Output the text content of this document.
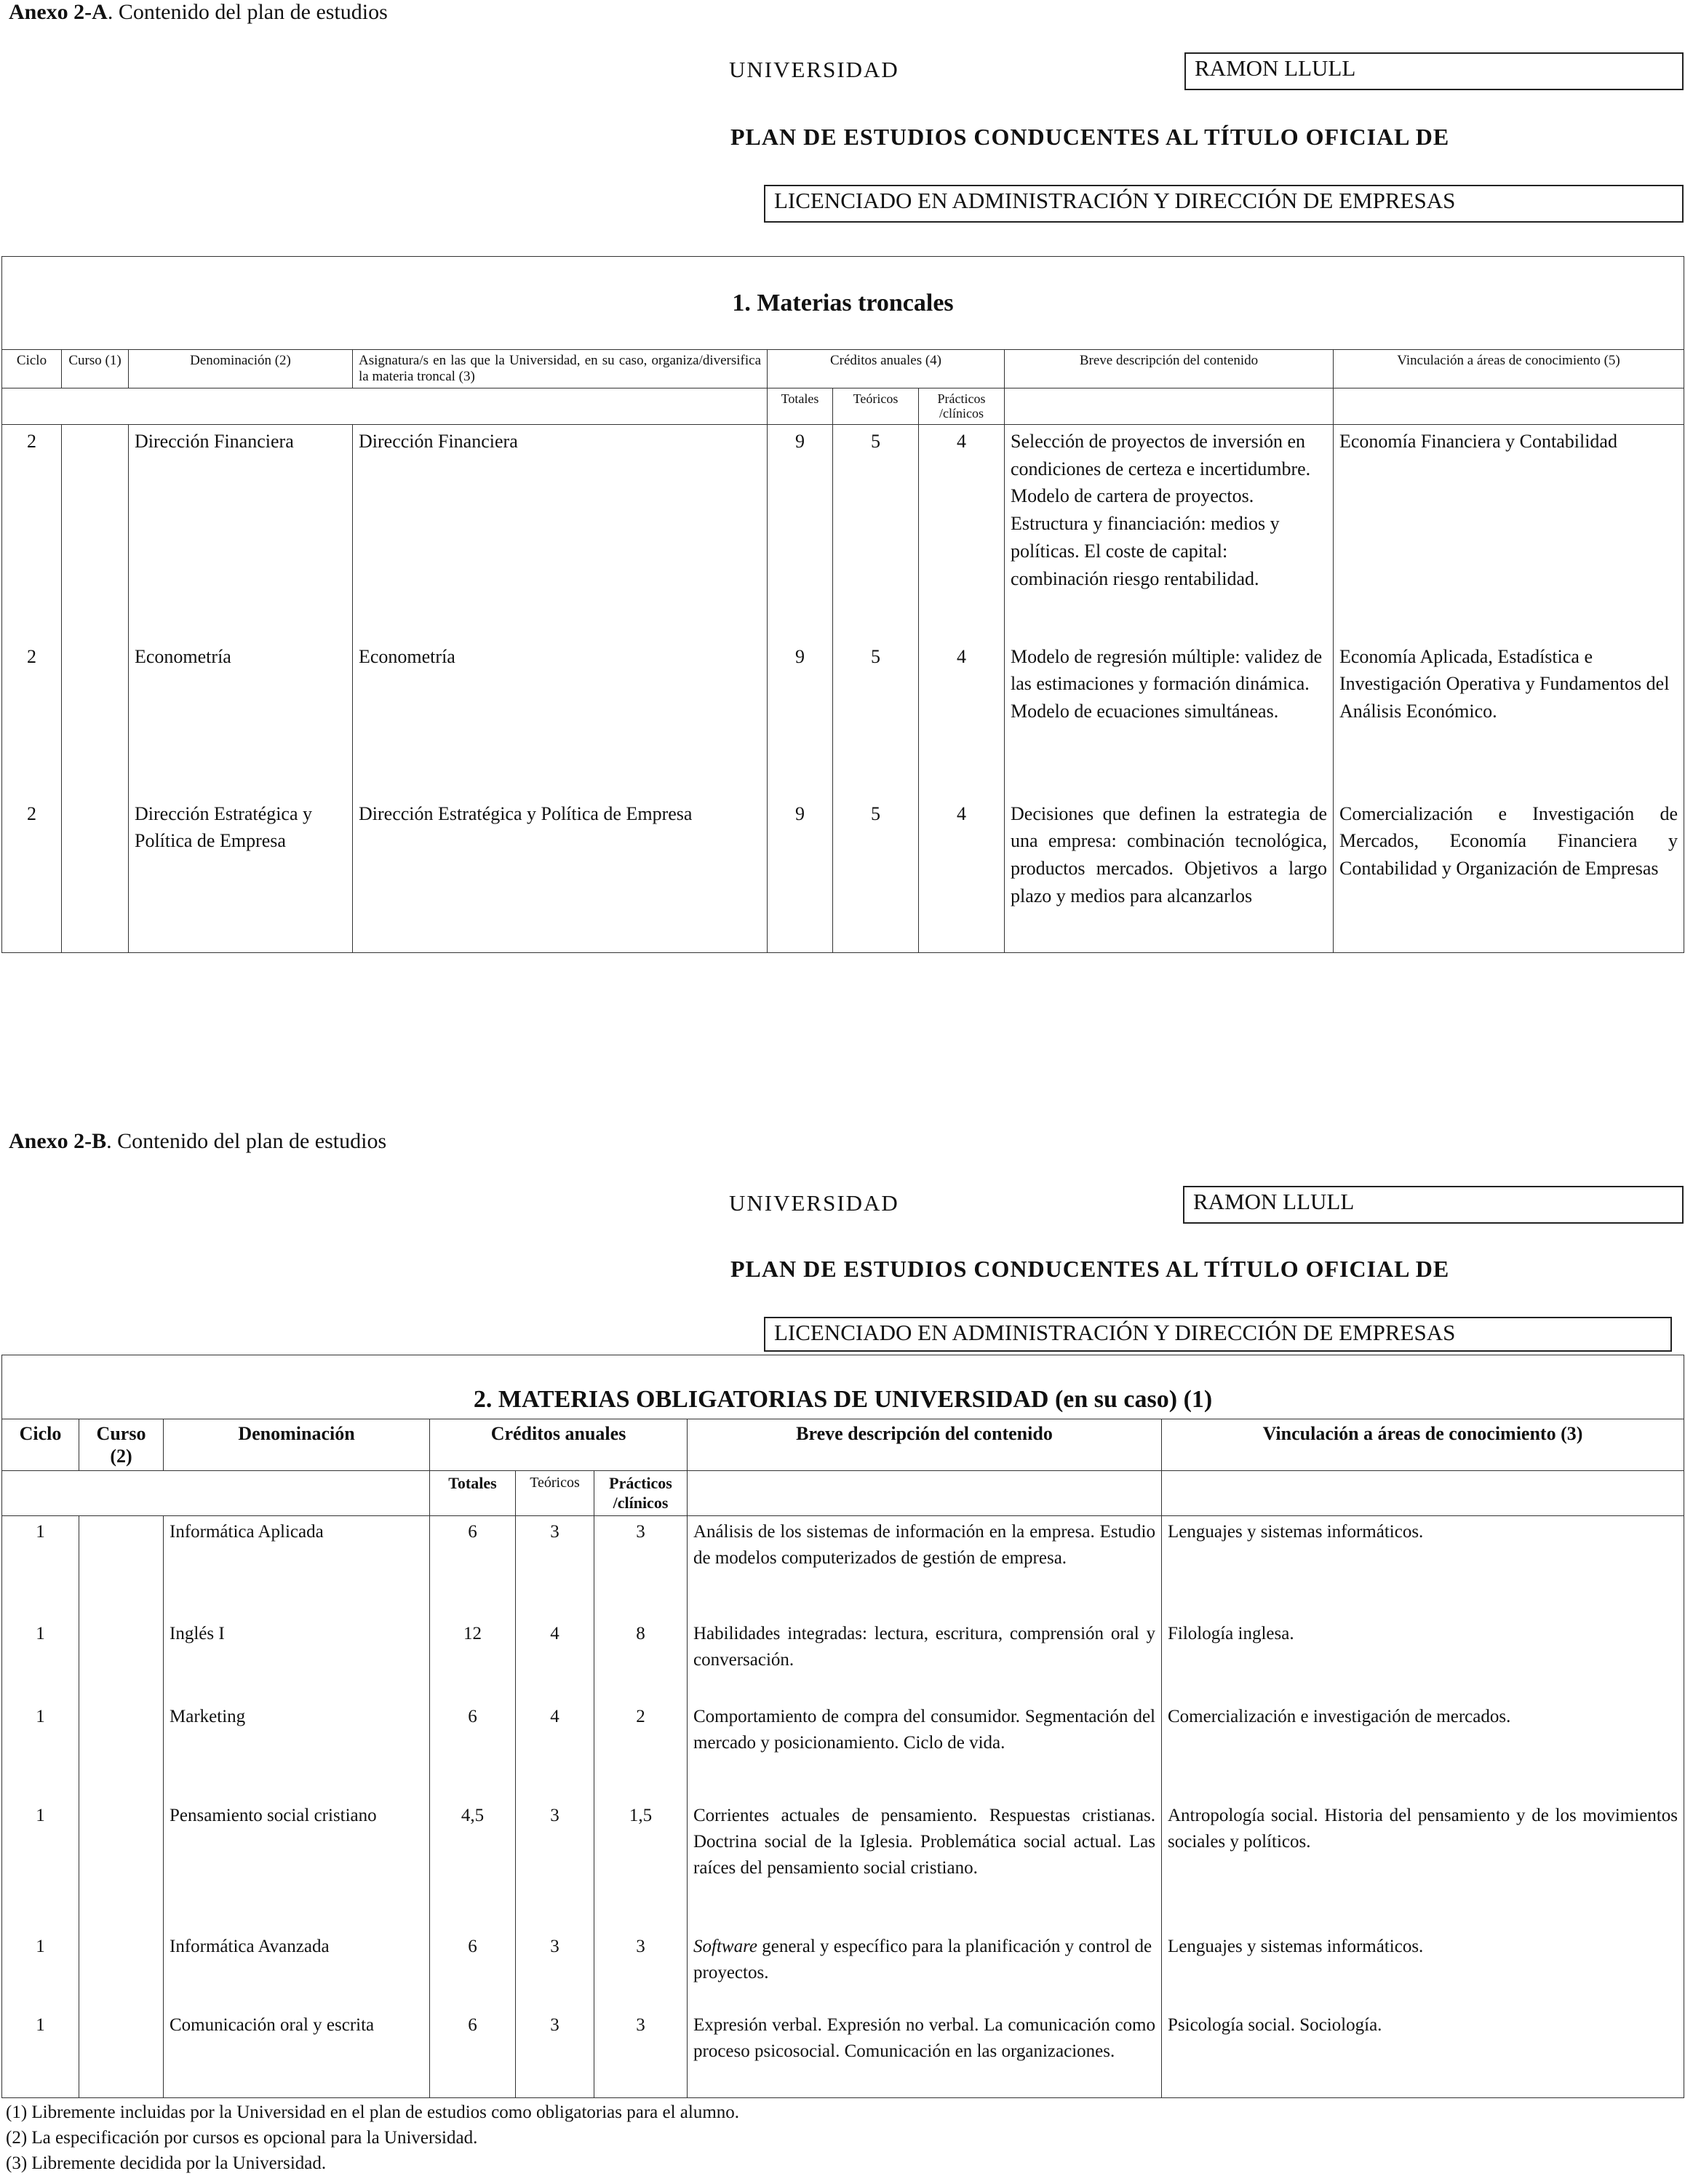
Anexo 2-A. Contenido del plan de estudios
UNIVERSIDAD	RAMON LLULL
PLAN DE ESTUDIOS CONDUCENTES AL TÍTULO OFICIAL DE
LICENCIADO EN ADMINISTRACIÓN Y DIRECCIÓN DE EMPRESAS
1. Materias troncales								
Ciclo	Curso (1)	Denominación (2)	Asignatura/s en las que la Universidad, en su caso, organiza/diversifica la materia troncal (3)	Créditos anuales (4)			Breve descripción del contenido	Vinculación a áreas de conocimiento (5)
				Totales	Teóricos	Prácticos /clínicos		
2		Dirección Financiera	Dirección Financiera	9	5	4	Selección de proyectos de inversión en condiciones de certeza e incertidumbre. Modelo de cartera de proyectos. Estructura y financiación: medios y políticas. El coste de capital: combinación riesgo rentabilidad.	Economía Financiera y Contabilidad
2		Econometría	Econometría	9	5	4	Modelo de regresión múltiple: validez de las estimaciones y formación dinámica. Modelo de ecuaciones simultáneas.	Economía Aplicada, Estadística e Investigación Operativa y Fundamentos del Análisis Económico.
2		Dirección Estratégica y Política de Empresa	Dirección Estratégica y Política de Empresa	9	5	4	Decisiones que definen la estrategia de una empresa: combinación tecnológica, productos mercados. Objetivos a largo plazo y medios para alcanzarlos	Comercialización e Investigación de Mercados, Economía Financiera y Contabilidad y Organización de Empresas
Anexo 2-B. Contenido del plan de estudios
UNIVERSIDAD	RAMON LLULL
PLAN DE ESTUDIOS CONDUCENTES AL TÍTULO OFICIAL DE
LICENCIADO EN ADMINISTRACIÓN Y DIRECCIÓN DE EMPRESAS
2. MATERIAS OBLIGATORIAS DE UNIVERSIDAD (en su caso) (1)							
Ciclo	Curso (2)	Denominación	Créditos anuales			Breve descripción del contenido	Vinculación a áreas de conocimiento (3)
			Totales	Teóricos	Prácticos /clínicos		
1		Informática Aplicada	6	3	3	Análisis de los sistemas de información en la empresa. Estudio de modelos computerizados de gestión de empresa.	Lenguajes y sistemas informáticos.
1		Inglés I	12	4	8	Habilidades integradas: lectura, escritura, comprensión oral y conversación.	Filología inglesa.
1		Marketing	6	4	2	Comportamiento de compra del consumidor. Segmentación del mercado y posicionamiento. Ciclo de vida.	Comercialización e investigación de mercados.
1		Pensamiento social cristiano	4,5	3	1,5	Corrientes actuales de pensamiento. Respuestas cristianas. Doctrina social de la Iglesia. Problemática social actual. Las raíces del pensamiento social cristiano.	Antropología social. Historia del pensamiento y de los movimientos sociales y políticos.
1		Informática Avanzada	6	3	3	Software general y específico para la planificación y control de proyectos.	Lenguajes y sistemas informáticos.
1		Comunicación oral y escrita	6	3	3	Expresión verbal. Expresión no verbal. La comunicación como proceso psicosocial. Comunicación en las organizaciones.	Psicología social. Sociología.
(1) Libremente incluidas por la Universidad en el plan de estudios como obligatorias para el alumno.
(2) La especificación por cursos es opcional para la Universidad.
(3) Libremente decidida por la Universidad.
